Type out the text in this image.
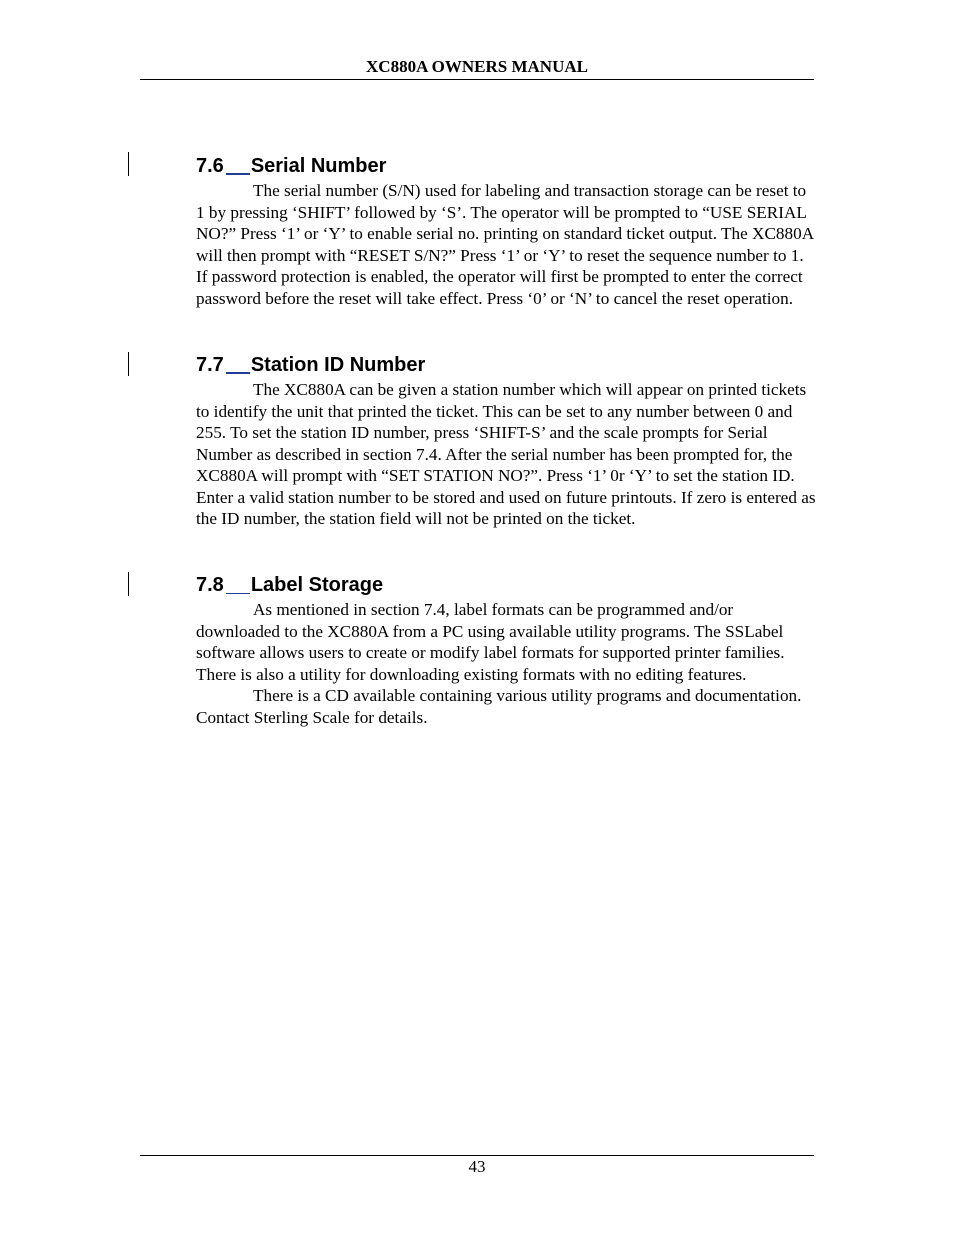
XC880A OWNERS MANUAL
7.6 Serial Number

The serial number (S/N) used for labeling and transaction storage can be reset to 1 by pressing ‘SHIFT’ followed by ‘S’. The operator will be prompted to “USE SERIAL NO?” Press ‘1’ or ‘Y’ to enable serial no. printing on standard ticket output. The XC880A will then prompt with “RESET S/N?” Press ‘1’ or ‘Y’ to reset the sequence number to 1. If password protection is enabled, the operator will first be prompted to enter the correct password before the reset will take effect. Press ‘0’ or ‘N’ to cancel the reset operation.

7.7 Station ID Number

The XC880A can be given a station number which will appear on printed tickets to identify the unit that printed the ticket. This can be set to any number between 0 and 255. To set the station ID number, press ‘SHIFT-S’ and the scale prompts for Serial Number as described in section 7.4. After the serial number has been prompted for, the XC880A will prompt with “SET STATION NO?”. Press ‘1’ 0r ‘Y’ to set the station ID. Enter a valid station number to be stored and used on future printouts. If zero is entered as the ID number, the station field will not be printed on the ticket.

7.8 Label Storage

As mentioned in section 7.4, label formats can be programmed and/or downloaded to the XC880A from a PC using available utility programs. The SSLabel software allows users to create or modify label formats for supported printer families. There is also a utility for downloading existing formats with no editing features.

There is a CD available containing various utility programs and documentation. Contact Sterling Scale for details.

43
